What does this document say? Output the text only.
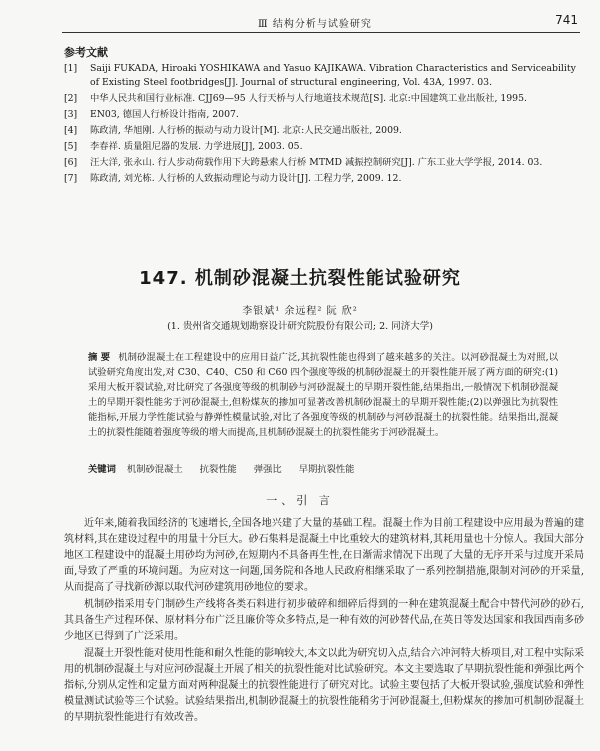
Ⅲ 结构分析与试验研究	741
参考文献
[1] Saiji FUKADA, Hiroaki YOSHIKAWA and Yasuo KAJIKAWA. Vibration Characteristics and Serviceability of Existing Steel footbridges[J]. Journal of structural engineering, Vol. 43A, 1997. 03.
[2] 中华人民共和国行业标准. CJJ69—95 人行天桥与人行地道技术规范[S]. 北京:中国建筑工业出版社, 1995.
[3] EN03, 德国人行桥设计指南, 2007.
[4] 陈政清, 华旭刚. 人行桥的振动与动力设计[M]. 北京:人民交通出版社, 2009.
[5] 李春祥. 质量阻尼器的发展. 力学进展[J], 2003. 05.
[6] 汪大洋, 张永山. 行人步动荷载作用下大跨悬索人行桥 MTMD 减振控制研究[J]. 广东工业大学学报, 2014. 03.
[7] 陈政清, 刘光栋. 人行桥的人致振动理论与动力设计[J]. 工程力学, 2009. 12.
147. 机制砂混凝土抗裂性能试验研究
李银斌¹ 余远程² 阮 欣²
(1. 贵州省交通规划勘察设计研究院股份有限公司; 2. 同济大学)
摘 要 机制砂混凝土在工程建设中的应用日益广泛,其抗裂性能也得到了越来越多的关注。以河砂混凝土为对照,以试验研究角度出发,对 C30、C40、C50 和 C60 四个强度等级的机制砂混凝土的开裂性能开展了两方面的研究:(1)采用大板开裂试验,对比研究了各强度等级的机制砂与河砂混凝土的早期开裂性能,结果指出,一般情况下机制砂混凝土的早期开裂性能劣于河砂混凝土,但粉煤灰的掺加可显著改善机制砂混凝土的早期开裂性能;(2)以弹强比为抗裂性能指标,开展力学性能试验与静弹性模量试验,对比了各强度等级的机制砂与河砂混凝土的抗裂性能。结果指出,混凝土的抗裂性能随着强度等级的增大而提高,且机制砂混凝土的抗裂性能劣于河砂混凝土。
关键词 机制砂混凝土 抗裂性能 弹强比 早期抗裂性能
一、引 言

近年来,随着我国经济的飞速增长,全国各地兴建了大量的基础工程。混凝土作为目前工程建设中应用最为普遍的建筑材料,其在建设过程中的用量十分巨大。砂石集料是混凝土中比重较大的建筑材料,其耗用量也十分惊人。我国大部分地区工程建设中的混凝土用砂均为河砂,在短期内不具备再生性,在日渐需求情况下出现了大量的无序开采与过度开采局面,导致了严重的环境问题。为应对这一问题,国务院和各地人民政府相继采取了一系列控制措施,限制对河砂的开采量,从而提高了寻找新砂源以取代河砂建筑用砂地位的要求。

机制砂指采用专门制砂生产线将各类石料进行初步破碎和细碎后得到的一种在建筑混凝土配合中替代河砂的砂石,其具备生产过程环保、原材料分布广泛且廉价等众多特点,是一种有效的河砂替代品,在英日等发达国家和我国西南多砂少地区已得到了广泛采用。

混凝土开裂性能对使用性能和耐久性能的影响较大,本文以此为研究切入点,结合六冲河特大桥项目,对工程中实际采用的机制砂混凝土与对应河砂混凝土开展了相关的抗裂性能对比试验研究。本文主要选取了早期抗裂性能和弹强比两个指标,分别从定性和定量方面对两种混凝土的抗裂性能进行了研究对比。试验主要包括了大板开裂试验,强度试验和弹性模量测试试验等三个试验。试验结果指出,机制砂混凝土的抗裂性能稍劣于河砂混凝土,但粉煤灰的掺加可机制砂混凝土的早期抗裂性能进行有效改善。
